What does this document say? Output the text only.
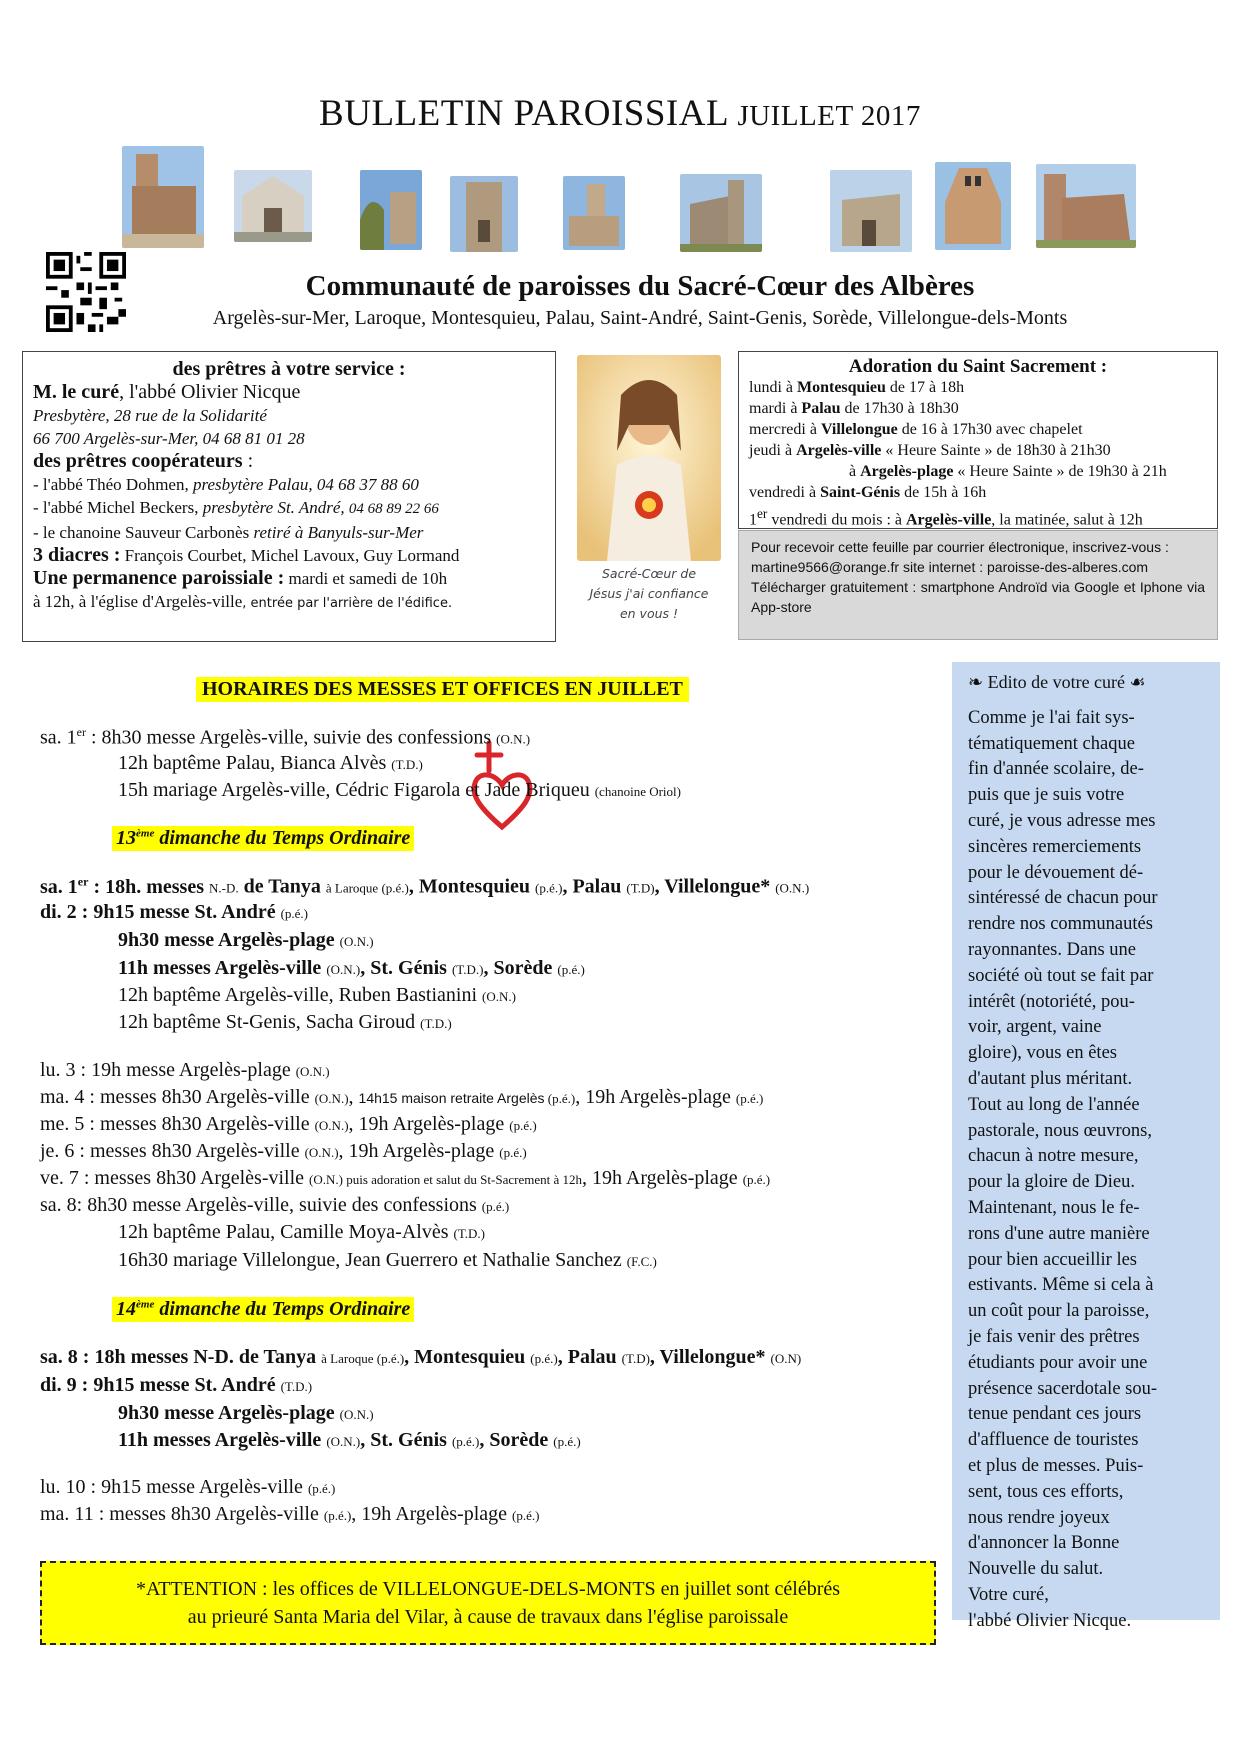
BULLETIN PAROISSIAL JUILLET 2017
Communauté de paroisses du Sacré-Cœur des Albères
Argelès-sur-Mer, Laroque, Montesquieu, Palau, Saint-André, Saint-Genis, Sorède, Villelongue-dels-Monts
des prêtres à votre service :
M. le curé, l'abbé Olivier Nicque
Presbytère, 28 rue de la Solidarité
66 700 Argelès-sur-Mer, 04 68 81 01 28
des prêtres coopérateurs :
- l'abbé Théo Dohmen, presbytère Palau, 04 68 37 88 60
- l'abbé Michel Beckers, presbytère St. André, 04 68 89 22 66
- le chanoine Sauveur Carbonès retiré à Banyuls-sur-Mer
3 diacres : François Courbet, Michel Lavoux, Guy Lormand
Une permanence paroissiale : mardi et samedi de 10h
à 12h, à l'église d'Argelès-ville, entrée par l'arrière de l'édifice.
Sacré-Cœur de
Jésus j'ai confiance
en vous !
Adoration du Saint Sacrement :
lundi à Montesquieu de 17 à 18h
mardi à Palau de 17h30 à 18h30
mercredi à Villelongue de 16 à 17h30 avec chapelet
jeudi à Argelès-ville « Heure Sainte » de 18h30 à 21h30
à Argelès-plage « Heure Sainte » de 19h30 à 21h
vendredi à Saint-Génis de 15h à 16h
1er vendredi du mois : à Argelès-ville, la matinée, salut à 12h
Pour recevoir cette feuille par courrier électronique, inscrivez-vous :
martine9566@orange.fr site internet : paroisse-des-alberes.com
Télécharger gratuitement : smartphone Androïd via Google et Iphone via App-store
HORAIRES DES MESSES ET OFFICES EN JUILLET
sa. 1er : 8h30 messe Argelès-ville, suivie des confessions (O.N.)
12h baptême Palau, Bianca Alvès (T.D.)
15h mariage Argelès-ville, Cédric Figarola et Jade Briqueu (chanoine Oriol)
13ème dimanche du Temps Ordinaire
sa. 1er : 18h. messes N.-D. de Tanya à Laroque (p.é.), Montesquieu (p.é.), Palau (T.D), Villelongue* (O.N.)
di. 2 : 9h15 messe St. André (p.é.)
9h30 messe Argelès-plage (O.N.)
11h messes Argelès-ville (O.N.), St. Génis (T.D.), Sorède (p.é.)
12h baptême Argelès-ville, Ruben Bastianini (O.N.)
12h baptême St-Genis, Sacha Giroud (T.D.)
lu. 3 : 19h messe Argelès-plage (O.N.)
ma. 4 : messes 8h30 Argelès-ville (O.N.), 14h15 maison retraite Argelès (p.é.), 19h Argelès-plage (p.é.)
me. 5 : messes 8h30 Argelès-ville (O.N.), 19h Argelès-plage (p.é.)
je. 6 : messes 8h30 Argelès-ville (O.N.), 19h Argelès-plage (p.é.)
ve. 7 : messes 8h30 Argelès-ville (O.N.) puis adoration et salut du St-Sacrement à 12h, 19h Argelès-plage (p.é.)
sa. 8: 8h30 messe Argelès-ville, suivie des confessions (p.é.)
12h baptême Palau, Camille Moya-Alvès (T.D.)
16h30 mariage Villelongue, Jean Guerrero et Nathalie Sanchez (F.C.)
14ème dimanche du Temps Ordinaire
sa. 8 : 18h messes N-D. de Tanya à Laroque (p.é.), Montesquieu (p.é.), Palau (T.D), Villelongue* (O.N)
di. 9 : 9h15 messe St. André (T.D.)
9h30 messe Argelès-plage (O.N.)
11h messes Argelès-ville (O.N.), St. Génis (p.é.), Sorède (p.é.)
lu. 10 : 9h15 messe Argelès-ville (p.é.)
ma. 11 : messes 8h30 Argelès-ville (p.é.), 19h Argelès-plage (p.é.)
*ATTENTION : les offices de VILLELONGUE-DELS-MONTS en juillet sont célébrés
au prieuré Santa Maria del Vilar, à cause de travaux dans l'église paroissale
❧ Edito de votre curé ☙
Comme je l'ai fait sys-
tématiquement chaque
fin d'année scolaire, de-
puis que je suis votre
curé, je vous adresse mes
sincères remerciements
pour le dévouement dé-
sintéressé de chacun pour
rendre nos communautés
rayonnantes. Dans une
société où tout se fait par
intérêt (notoriété, pou-
voir, argent, vaine
gloire), vous en êtes
d'autant plus méritant.
Tout au long de l'année
pastorale, nous œuvrons,
chacun à notre mesure,
pour la gloire de Dieu.
Maintenant, nous le fe-
rons d'une autre manière
pour bien accueillir les
estivants. Même si cela à
un coût pour la paroisse,
je fais venir des prêtres
étudiants pour avoir une
présence sacerdotale sou-
tenue pendant ces jours
d'affluence de touristes
et plus de messes. Puis-
sent, tous ces efforts,
nous rendre joyeux
d'annoncer la Bonne
Nouvelle du salut.
Votre curé,
l'abbé Olivier Nicque.
